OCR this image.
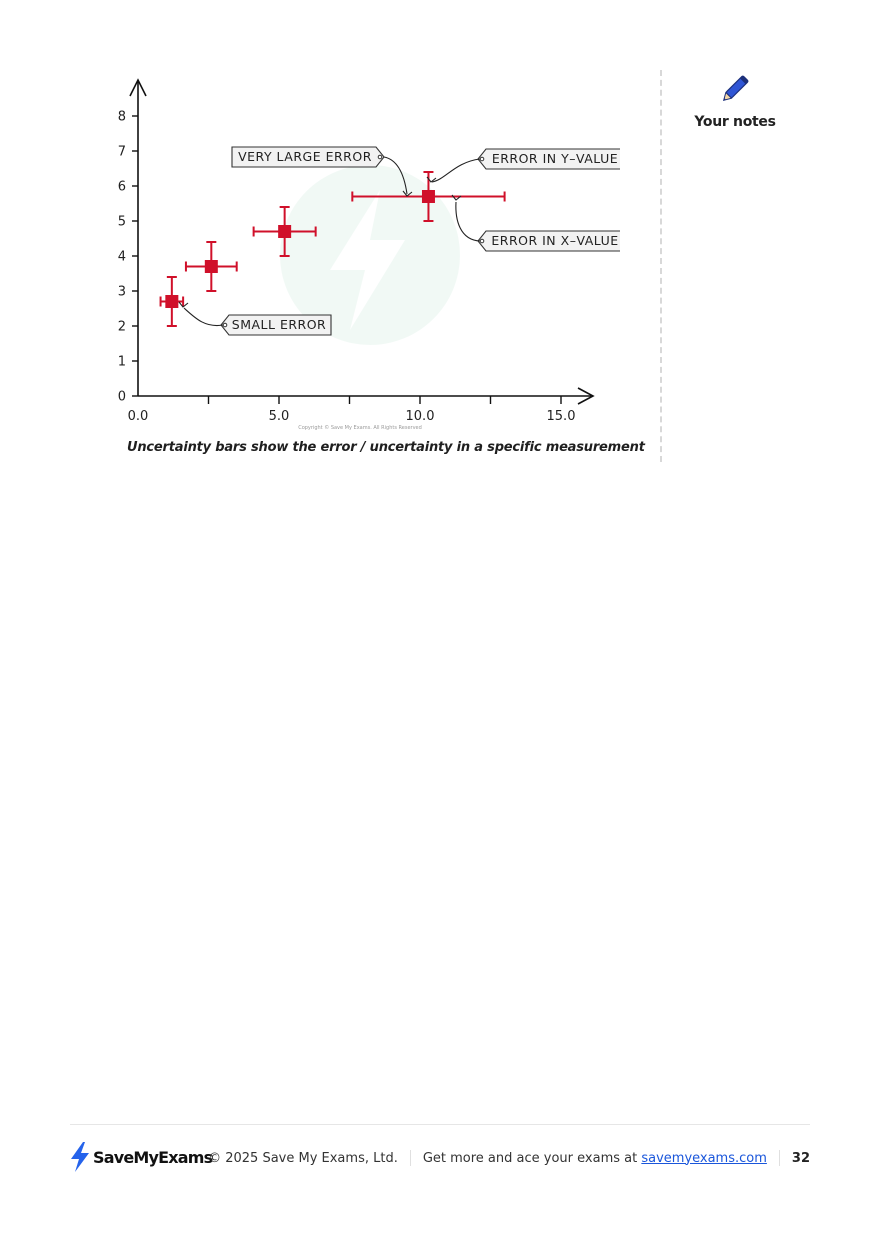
0
1
2
3
4
5
6
7
8
0.0	5.0	10.0	15.0
VERY LARGE ERROR	ERROR IN Y–VALUE
ERROR IN X–VALUE
SMALL ERROR
Copyright © Save My Exams. All Rights Reserved
Uncertainty bars show the error / uncertainty in a specific measurement
Your notes
SaveMyExams
© 2025 Save My Exams, Ltd. Get more and ace your exams at
savemyexams.com 32
